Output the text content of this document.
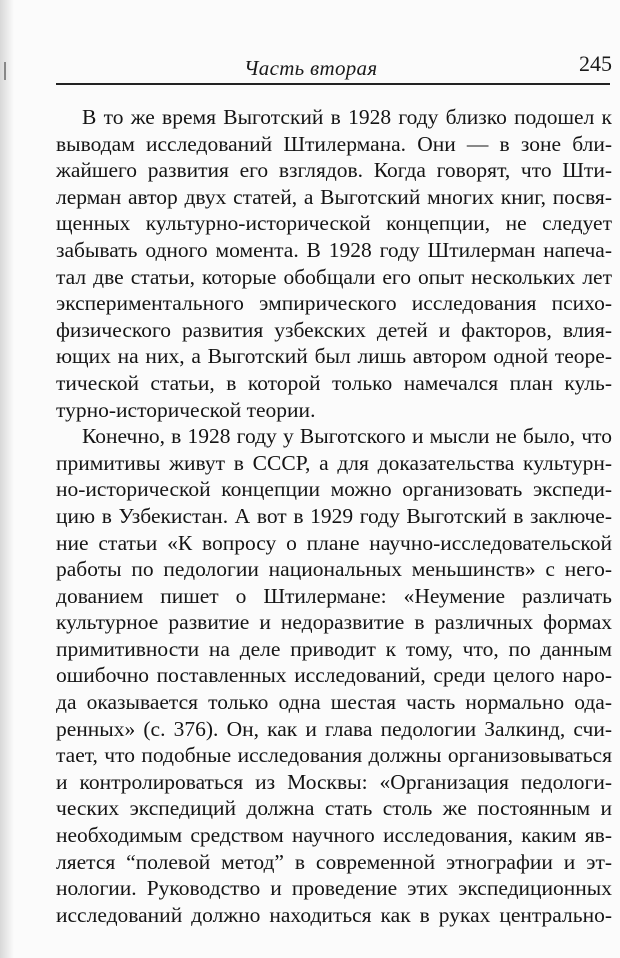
Часть вторая	245
В то же время Выготский в 1928 году близко подошел к
выводам исследований Штилермана. Они — в зоне бли-
жайшего развития его взглядов. Когда говорят, что Шти-
лерман автор двух статей, а Выготский многих книг, посвя-
щенных культурно-исторической концепции, не следует
забывать одного момента. В 1928 году Штилерман напеча-
тал две статьи, которые обобщали его опыт нескольких лет
экспериментального эмпирического исследования психо-
физического развития узбекских детей и факторов, влия-
ющих на них, а Выготский был лишь автором одной теоре-
тической статьи, в которой только намечался план куль-
турно-исторической теории.
Конечно, в 1928 году у Выготского и мысли не было, что
примитивы живут в СССР, а для доказательства культурн-
но-исторической концепции можно организовать экспеди-
цию в Узбекистан. А вот в 1929 году Выготский в заключе-
ние статьи «К вопросу о плане научно-исследовательской
работы по педологии национальных меньшинств» с него-
дованием пишет о Штилермане: «Неумение различать
культурное развитие и недоразвитие в различных формах
примитивности на деле приводит к тому, что, по данным
ошибочно поставленных исследований, среди целого наро-
да оказывается только одна шестая часть нормально ода-
ренных» (с. 376). Он, как и глава педологии Залкинд, счи-
тает, что подобные исследования должны организовываться
и контролироваться из Москвы: «Организация педологи-
ческих экспедиций должна стать столь же постоянным и
необходимым средством научного исследования, каким яв-
ляется “полевой метод” в современной этнографии и эт-
нологии. Руководство и проведение этих экспедиционных
исследований должно находиться как в руках центрально-
